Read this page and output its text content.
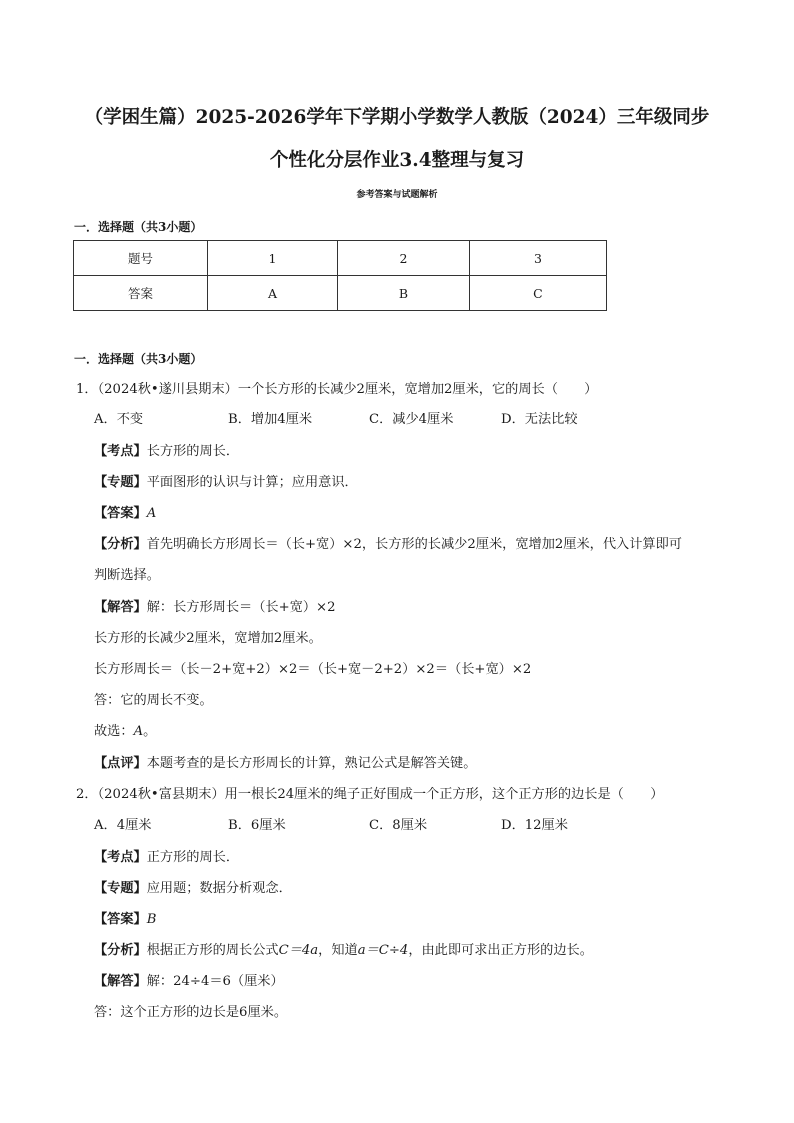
（学困生篇）2025-2026学年下学期小学数学人教版（2024）三年级同步
个性化分层作业3.4整理与复习
参考答案与试题解析
一．选择题（共3小题）
题号	1	2	3
答案	A	B	C
一．选择题（共3小题）
1．（2024秋•遂川县期末）一个长方形的长减少2厘米，宽增加2厘米，它的周长（　　）
A．不变	B．增加4厘米	C．减少4厘米	D．无法比较
【考点】长方形的周长．
【专题】平面图形的认识与计算；应用意识．
【答案】A
【分析】首先明确长方形周长＝（长+宽）×2，长方形的长减少2厘米，宽增加2厘米，代入计算即可
判断选择。
【解答】解：长方形周长＝（长+宽）×2
长方形的长减少2厘米，宽增加2厘米。
长方形周长＝（长－2+宽+2）×2＝（长+宽－2+2）×2＝（长+宽）×2
答：它的周长不变。
故选：A。
【点评】本题考查的是长方形周长的计算，熟记公式是解答关键。
2．（2024秋•富县期末）用一根长24厘米的绳子正好围成一个正方形，这个正方形的边长是（　　）
A．4厘米	B．6厘米	C．8厘米	D．12厘米
【考点】正方形的周长．
【专题】应用题；数据分析观念．
【答案】B
【分析】根据正方形的周长公式C＝4a，知道a＝C÷4，由此即可求出正方形的边长。
【解答】解：24÷4＝6（厘米）
答：这个正方形的边长是6厘米。
